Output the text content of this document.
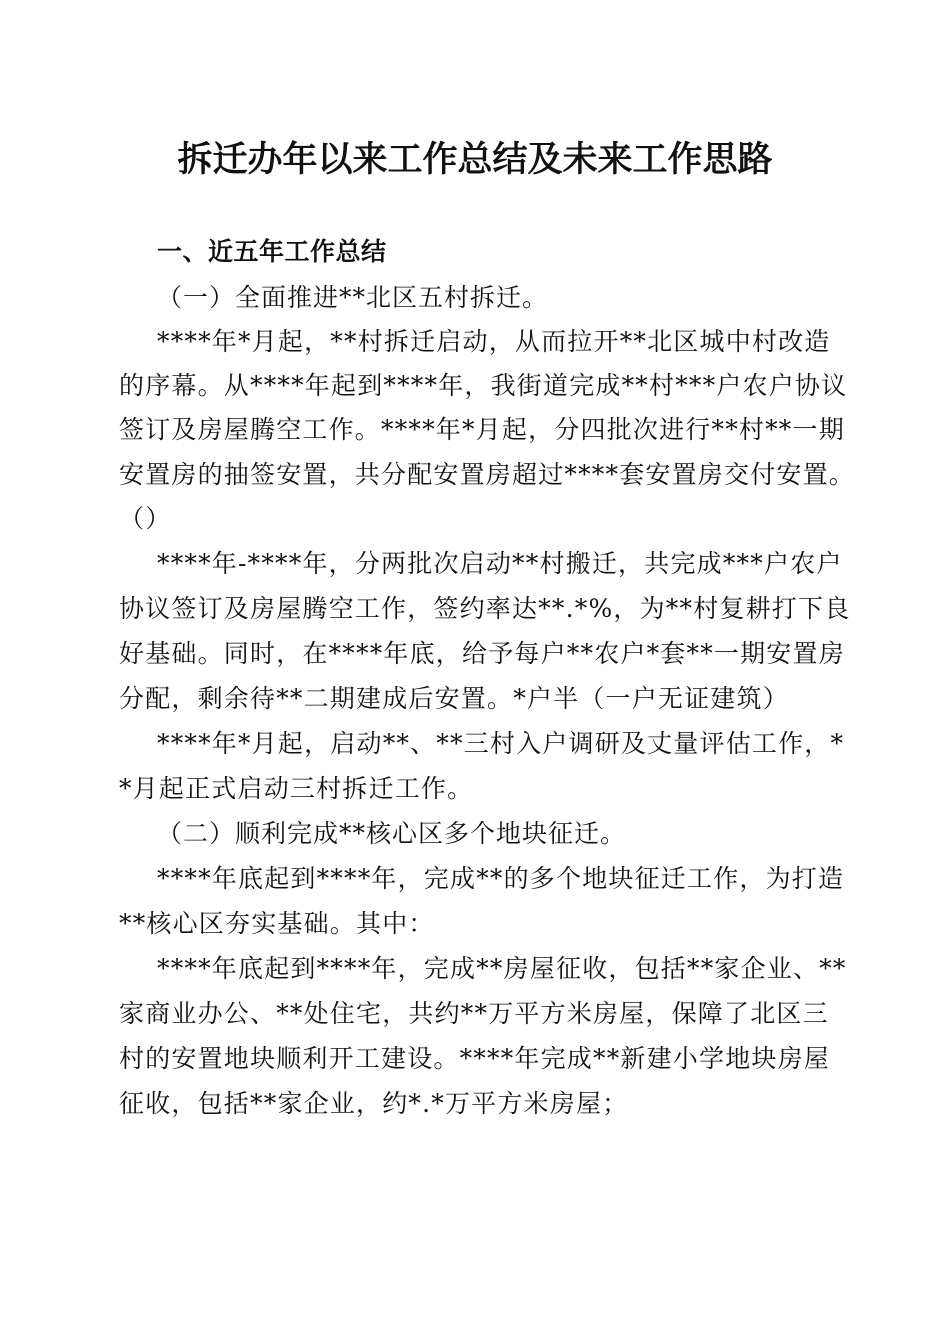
拆迁办年以来工作总结及未来工作思路
一、近五年工作总结
（一）全面推进**北区五村拆迁。
****年*月起，**村拆迁启动，从而拉开**北区城中村改造
的序幕。从****年起到****年，我街道完成**村***户农户协议
签订及房屋腾空工作。****年*月起，分四批次进行**村**一期
安置房的抽签安置，共分配安置房超过****套安置房交付安置。
（）
****年-****年，分两批次启动**村搬迁，共完成***户农户
协议签订及房屋腾空工作，签约率达**.*%，为**村复耕打下良
好基础。同时，在****年底，给予每户**农户*套**一期安置房
分配，剩余待**二期建成后安置。*户半（一户无证建筑）
****年*月起，启动**、**三村入户调研及丈量评估工作，*
*月起正式启动三村拆迁工作。
（二）顺利完成**核心区多个地块征迁。
****年底起到****年，完成**的多个地块征迁工作，为打造
**核心区夯实基础。其中：
****年底起到****年，完成**房屋征收，包括**家企业、**
家商业办公、**处住宅，共约**万平方米房屋，保障了北区三
村的安置地块顺利开工建设。****年完成**新建小学地块房屋
征收，包括**家企业，约*.*万平方米房屋；
